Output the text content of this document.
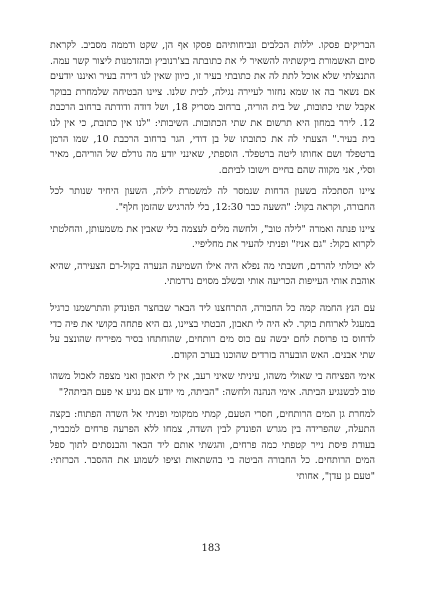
הבריקים פסקו. יללות הכלבים ונביחותיהם פסקו אף הן, שקט ודממה מסביב. לקראת סיום האשמורת ביקשתיה להשאיר לי את כתובתה בצ'רנוביץ ובהזדמנות ליצור קשר עמה. התנצלתי שלא אוכל לתת לה את כתובתי בעיר זו, כיוון שאין לנו דירה בעיר ואיננו יודעים אם נשאר בה או שמא נחזור לעיירה נגילה, לבית שלנו. ציינו הבטיחה שלמחרת בבוקר אקבל שתי כתובות, של בית הוריה, ברחוב מסריק 18, ושל דודה ודודתה ברחוב הרכבת 12. לירר במחון היא תרשום את שתי הכתובות. השיבותי: "לנו אין כתובת, כי אין לנו בית בעיר." הצעתי לה את כתובתו של בן דודי, הגר ברחוב הרכבת 10, שמו הרמן ברטפלד ושם אחותו ליטה ברטפלד. הוספתי, שאינני יודע מה גורלם של הוריהם, מאיר וסלי, אני מקווה שהם בחיים וישובו לביתם.

ציינו הסתכלה בשעון הדחות שנמסר לה למשמרת לילה, השעון היחיד שנותר לכל החבורה, וקראה בקול: "השעה כבר 12:30, בלי להרגיש שהזמן חלף".

ציינו פנתה ואמרה "לילה טוב", ולחשה מלים לעצמה בלי שאבין את משמעותן, והחלטתי לקרוא בקול: "גם אניז" ופניתי להעיר את מחליפיי.

לא יכולתי להרדם, חשבתי מה נפלא היה אילו השמיעה הנערה בקול-רם הצעירה, שהיא אוהבת אותי העייפות הכריעה אותי ובשלב מסוים נרדמתי.

עם הנץ החמה קמה כל החבורה, התרחצנו ליד הבאר שבחצר הפונדק והתרשמנו כרגיל במעגל לארוחת בוקר. לא היה לי תאבון, הבטתי בציינו, גם היא פתחה בקושי את פיה כדי לדחוס בו פרוסת לחם יבשה עם כוס מים רותחים, שהוחתחו בסיר מפיריח שהונצב על שתי אבנים. האש הובערה בזרדים שהוכנו בערב הקודם.

אימי הפציחה בי שאולי משהו, עיניתי שאיני רעב, אין לי תיאבון ואני מצפה לאכול משהו טוב לכשנגיע הביתה. אימי הנהנה ולחשה: "הביתה, מי יודע אם נגיע אי פעם הביתה?"

למחרת גן המים הרותחים, חסרי הטעם, קמתי ממקומי ופניתי אל השדה הפתוח: בקצה התעלה, שהפרידה בין מגרש הפונדק לבין השדה, צמחו ללא הפרעה פרחים למכביר, בעודת פיסת נייר קטפתי כמה פרחים, והגשתי אותם ליד הבאר והבנסתים לתוך ספל המים הרותחים. כל החבורה הביטה בי בהשתאות וציפו לשמוע את ההסבר. הכרזתי: "טעם גן עדן", אחותי

183
